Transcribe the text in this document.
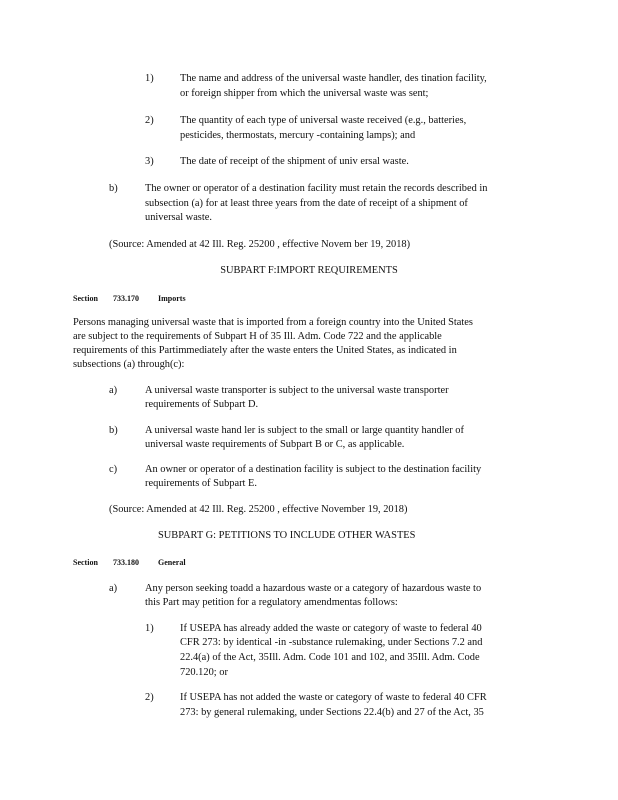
1)	The name and address of the universal waste handler, des tination facility,
or foreign shipper from which the universal waste was sent;
2)	The quantity of each type of universal waste received (e.g., batteries,
pesticides, thermostats, mercury -containing lamps); and
3)	The date of receipt of the shipment of univ ersal waste.
b)	The owner or operator of a destination facility must retain the records described in
subsection (a) for at least three years from the date of receipt of a shipment of
universal waste.
(Source: Amended at 42 Ill. Reg. 25200 , effective Novem ber 19, 2018)
SUBPART F:IMPORT REQUIREMENTS
Section 733.170 Imports
Persons managing universal waste that is imported from a foreign country into the United States
are subject to the requirements of Subpart H of 35 Ill. Adm. Code 722 and the applicable
requirements of this Partimmediately after the waste enters the United States, as indicated in
subsections (a) through(c):
a)	A universal waste transporter is subject to the universal waste transporter
requirements of Subpart D.
b)	A universal waste hand ler is subject to the small or large quantity handler of
universal waste requirements of Subpart B or C, as applicable.
c)	An owner or operator of a destination facility is subject to the destination facility
requirements of Subpart E.
(Source: Amended at 42 Ill. Reg. 25200 , effective November 19, 2018)
SUBPART G: PETITIONS TO INCLUDE OTHER WASTES
Section 733.180 General
a)	Any person seeking toadd a hazardous waste or a category of hazardous waste to
this Part may petition for a regulatory amendmentas follows:
1)	If USEPA has already added the waste or category of waste to federal 40
CFR 273: by identical -in -substance rulemaking, under Sections 7.2 and
22.4(a) of the Act, 35Ill. Adm. Code 101 and 102, and 35Ill. Adm. Code
720.120; or
2)	If USEPA has not added the waste or category of waste to federal 40 CFR
273: by general rulemaking, under Sections 22.4(b) and 27 of the Act, 35
